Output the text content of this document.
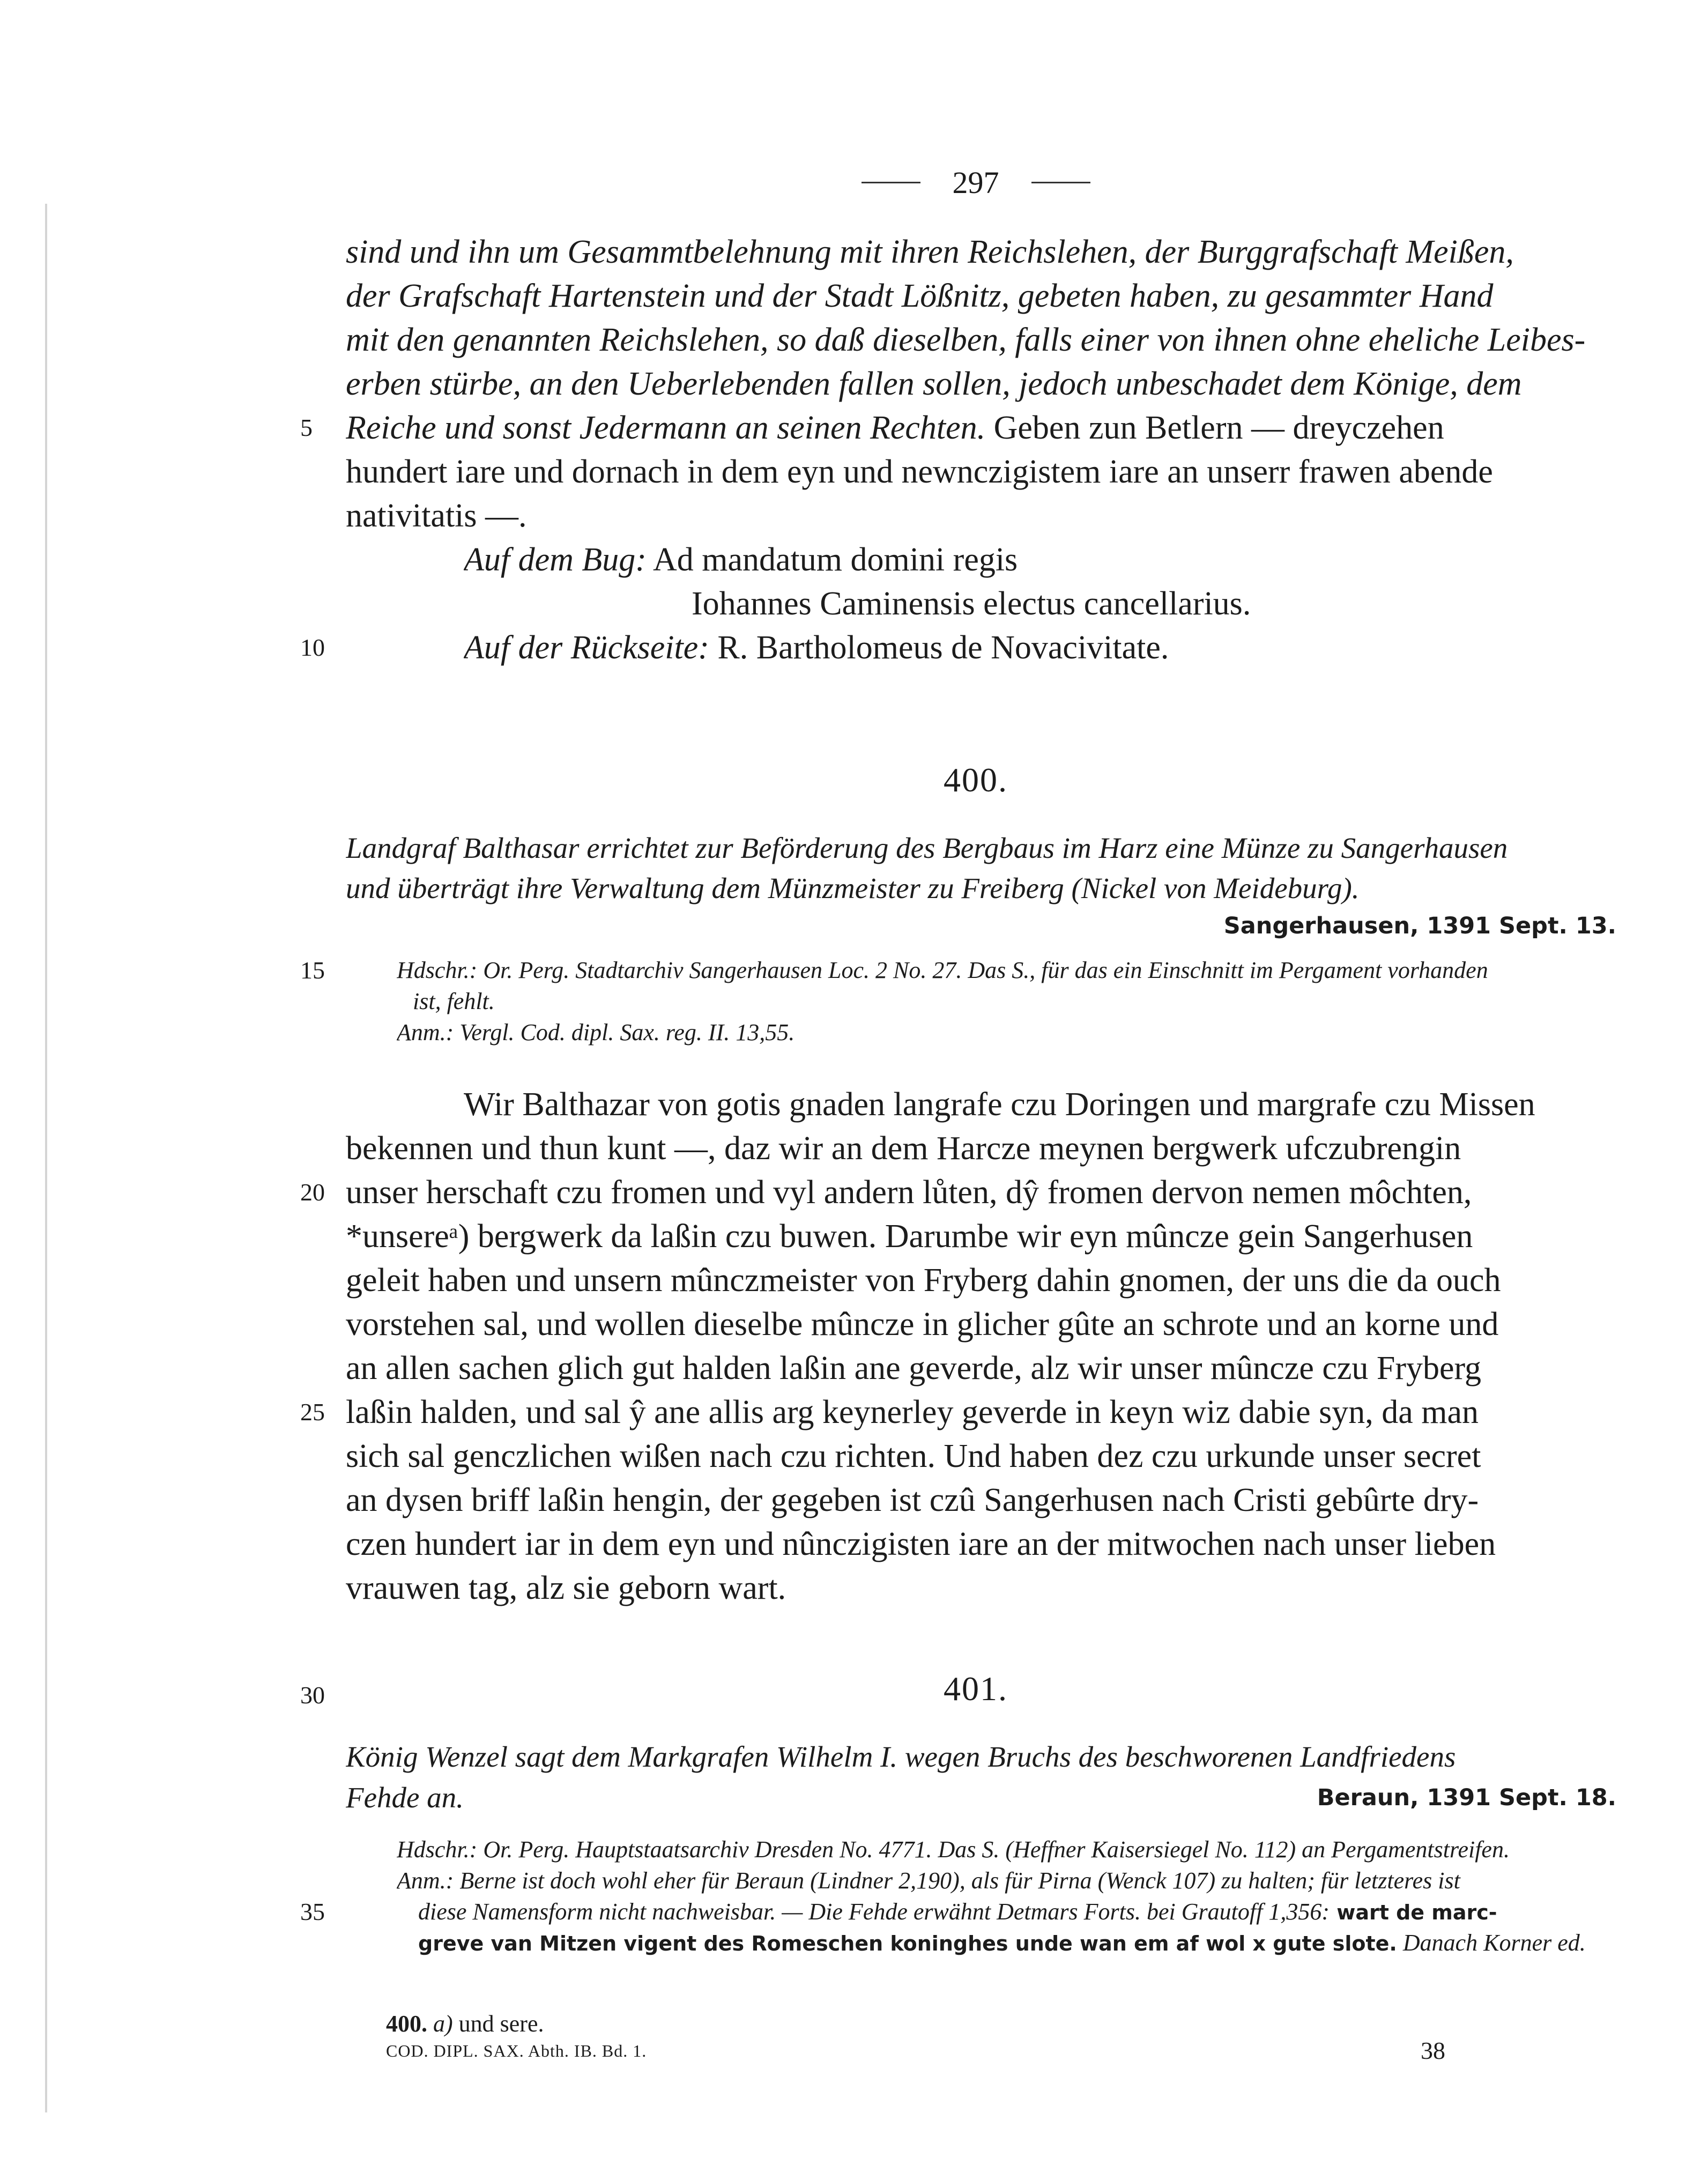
297
sind und ihn um Gesammtbelehnung mit ihren Reichslehen, der Burggrafschaft Meißen,
der Grafschaft Hartenstein und der Stadt Lößnitz, gebeten haben, zu gesammter Hand
mit den genannten Reichslehen, so daß dieselben, falls einer von ihnen ohne eheliche Leibes-
erben stürbe, an den Ueberlebenden fallen sollen, jedoch unbeschadet dem Könige, dem
Reiche und sonst Jedermann an seinen Rechten. Geben zun Betlern — dreyczehen
5
hundert iare und dornach in dem eyn und newnczigistem iare an unserr frawen abende
nativitatis —.
Auf dem Bug: Ad mandatum domini regis
Iohannes Caminensis electus cancellarius.
Auf der Rückseite: R. Bartholomeus de Novacivitate.
10
400.
Landgraf Balthasar errichtet zur Beförderung des Bergbaus im Harz eine Münze zu Sangerhausen
und überträgt ihre Verwaltung dem Münzmeister zu Freiberg (Nickel von Meideburg).
Sangerhausen, 1391 Sept. 13.
Hdschr.: Or. Perg. Stadtarchiv Sangerhausen Loc. 2 No. 27. Das S., für das ein Einschnitt im Pergament vorhanden
15
ist, fehlt.
Anm.: Vergl. Cod. dipl. Sax. reg. II. 13,55.
Wir Balthazar von gotis gnaden langrafe czu Doringen und margrafe czu Missen
bekennen und thun kunt —, daz wir an dem Harcze meynen bergwerk ufczubrengin
unser herschaft czu fromen und vyl andern lůten, dŷ fromen dervon nemen môchten,
20
*unsereᵃ) bergwerk da laßin czu buwen. Darumbe wir eyn mûncze gein Sangerhusen
geleit haben und unsern mûnczmeister von Fryberg dahin gnomen, der uns die da ouch
vorstehen sal, und wollen dieselbe mûncze in glicher gûte an schrote und an korne und
an allen sachen glich gut halden laßin ane geverde, alz wir unser mûncze czu Fryberg
laßin halden, und sal ŷ ane allis arg keynerley geverde in keyn wiz dabie syn, da man
25
sich sal genczlichen wißen nach czu richten. Und haben dez czu urkunde unser secret
an dysen briff laßin hengin, der gegeben ist czû Sangerhusen nach Cristi gebûrte dry-
czen hundert iar in dem eyn und nûnczigisten iare an der mitwochen nach unser lieben
vrauwen tag, alz sie geborn wart.
30	401.
König Wenzel sagt dem Markgrafen Wilhelm I. wegen Bruchs des beschworenen Landfriedens
Fehde an.	Beraun, 1391 Sept. 18.
Hdschr.: Or. Perg. Hauptstaatsarchiv Dresden No. 4771. Das S. (Heffner Kaisersiegel No. 112) an Pergamentstreifen.
Anm.: Berne ist doch wohl eher für Beraun (Lindner 2,190), als für Pirna (Wenck 107) zu halten; für letzteres ist
diese Namensform nicht nachweisbar. — Die Fehde erwähnt Detmars Forts. bei Grautoff 1,356: wart de marc-
35
greve van Mitzen vigent des Romeschen koninghes unde wan em af wol x gute slote. Danach Korner ed.
400. a) und sere.
COD. DIPL. SAX. Abth. IB. Bd. 1.	38
